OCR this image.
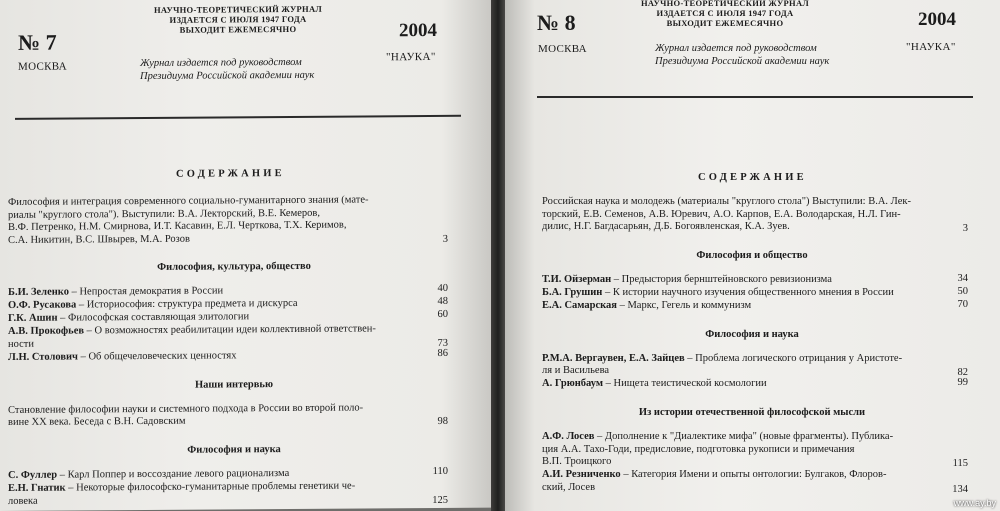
НАУЧНО-ТЕОРЕТИЧЕСКИЙ ЖУРНАЛ
ИЗДАЕТСЯ С ИЮЛЯ 1947 ГОДА
ВЫХОДИТ ЕЖЕМЕСЯЧНО
№ 7
МОСКВА
2004
"НАУКА"
Журнал издается под руководством
Президиума Российской академии наук
СОДЕРЖАНИЕ
Философия и интеграция современного социально-гуманитарного знания (мате-
риалы "круглого стола"). Выступили: В.А. Лекторский, В.Е. Кемеров,
В.Ф. Петренко, Н.М. Смирнова, И.Т. Касавин, Е.Л. Черткова, Т.Х. Керимов,
С.А. Никитин, В.С. Швырев, М.А. Розов	3
Философия, культура, общество
Б.И. Зеленко – Непростая демократия в России	40
О.Ф. Русакова – Историософия: структура предмета и дискурса	48
Г.К. Ашин – Философская составляющая элитологии	60
А.В. Прокофьев – О возможностях реабилитации идеи коллективной ответствен-
ности	73
Л.Н. Столович – Об общечеловеческих ценностях	86
Наши интервью
Становление философии науки и системного подхода в России во второй поло-
вине XX века. Беседа с В.Н. Садовским	98
Философия и наука
С. Фуллер – Карл Поппер и воссоздание левого рационализма	110
Е.Н. Гнатик – Некоторые философско-гуманитарные проблемы генетики че-
ловека	125
НАУЧНО-ТЕОРЕТИЧЕСКИЙ ЖУРНАЛ
ИЗДАЕТСЯ С ИЮЛЯ 1947 ГОДА
ВЫХОДИТ ЕЖЕМЕСЯЧНО
№ 8
МОСКВА
2004
"НАУКА"
Журнал издается под руководством
Президиума Российской академии наук
СОДЕРЖАНИЕ
Российская наука и молодежь (материалы "круглого стола") Выступили: В.А. Лек-
торский, Е.В. Семенов, А.В. Юревич, А.О. Карпов, Е.А. Володарская, Н.Л. Гин-
дилис, Н.Г. Багдасарьян, Д.Б. Богоявленская, К.А. Зуев.	3
Философия и общество
Т.И. Ойзерман – Предыстория бернштейновского ревизионизма	34
Б.А. Грушин – К истории научного изучения общественного мнения в России	50
Е.А. Самарская – Маркс, Гегель и коммунизм	70
Философия и наука
Р.М.А. Вергаувен, Е.А. Зайцев – Проблема логического отрицания у Аристоте-
ля и Васильева	82
А. Грюнбаум – Нищета теистической космологии	99
Из истории отечественной философской мысли
А.Ф. Лосев – Дополнение к "Диалектике мифа" (новые фрагменты). Публика-
ция А.А. Тахо-Годи, предисловие, подготовка рукописи и примечания
В.П. Троицкого	115
А.И. Резниченко – Категория Имени и опыты онтологии: Булгаков, Флоров-
ский, Лосев	134
www.ay.by
